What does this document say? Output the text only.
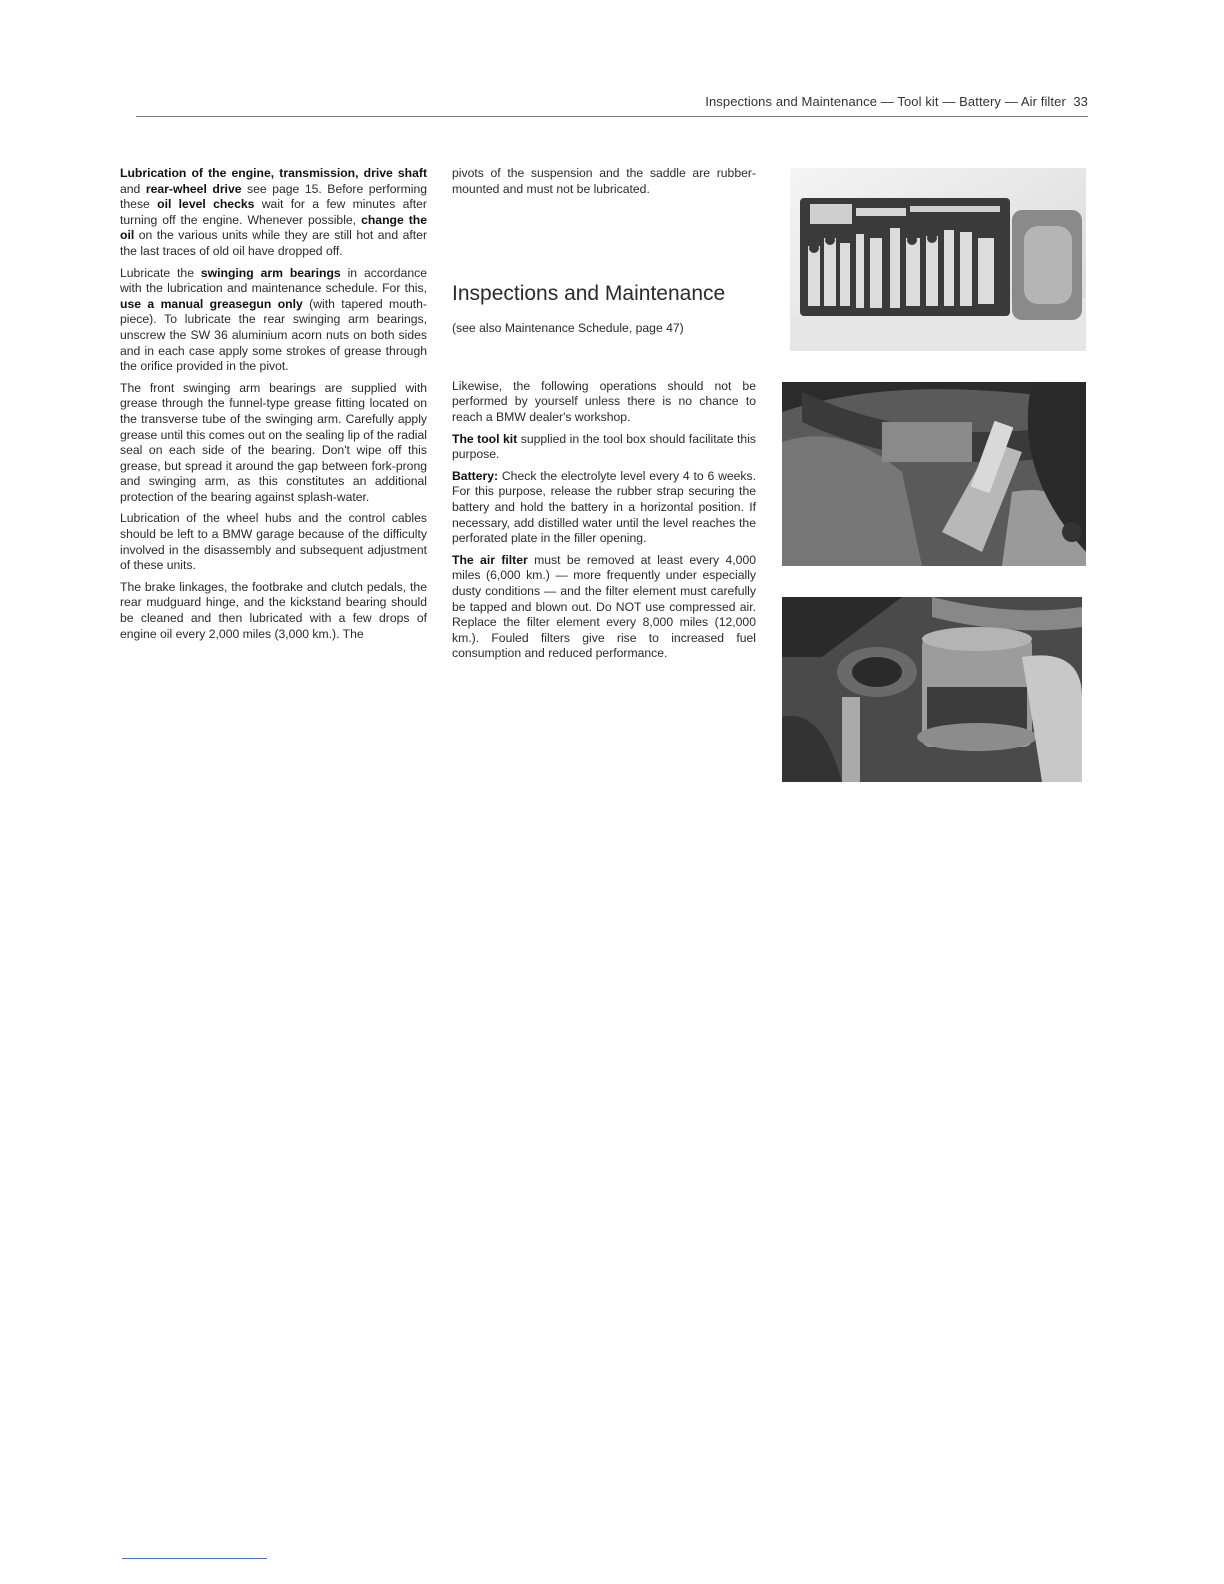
Inspections and Maintenance — Tool kit — Battery — Air filter 33

Lubrication of the engine, transmission, drive shaft and rear-wheel drive see page 15. Before performing these oil level checks wait for a few minutes after turning off the engine. Whenever possible, change the oil on the various units while they are still hot and after the last traces of old oil have dropped off.

Lubricate the swinging arm bearings in accordance with the lubrication and maintenance schedule. For this, use a manual greasegun only (with tapered mouth-piece). To lubricate the rear swinging arm bearings, unscrew the SW 36 aluminium acorn nuts on both sides and in each case apply some strokes of grease through the orifice provided in the pivot.

The front swinging arm bearings are supplied with grease through the funnel-type grease fitting located on the transverse tube of the swinging arm. Carefully apply grease until this comes out on the sealing lip of the radial seal on each side of the bearing. Don't wipe off this grease, but spread it around the gap between fork-prong and swinging arm, as this constitutes an additional protection of the bearing against splash-water.

Lubrication of the wheel hubs and the control cables should be left to a BMW garage because of the difficulty involved in the disassembly and subsequent adjustment of these units.

The brake linkages, the footbrake and clutch pedals, the rear mudguard hinge, and the kickstand bearing should be cleaned and then lubricated with a few drops of engine oil every 2,000 miles (3,000 km.). The

pivots of the suspension and the saddle are rubber-mounted and must not be lubricated.

Inspections and Maintenance

(see also Maintenance Schedule, page 47)

Likewise, the following operations should not be performed by yourself unless there is no chance to reach a BMW dealer's workshop.

The tool kit supplied in the tool box should facilitate this purpose.

Battery: Check the electrolyte level every 4 to 6 weeks. For this purpose, release the rubber strap securing the battery and hold the battery in a horizontal position. If necessary, add distilled water until the level reaches the perforated plate in the filler opening.

The air filter must be removed at least every 4,000 miles (6,000 km.) — more frequently under especially dusty conditions — and the filter element must carefully be tapped and blown out. Do NOT use compressed air. Replace the filter element every 8,000 miles (12,000 km.). Fouled filters give rise to increased fuel consumption and reduced performance.
